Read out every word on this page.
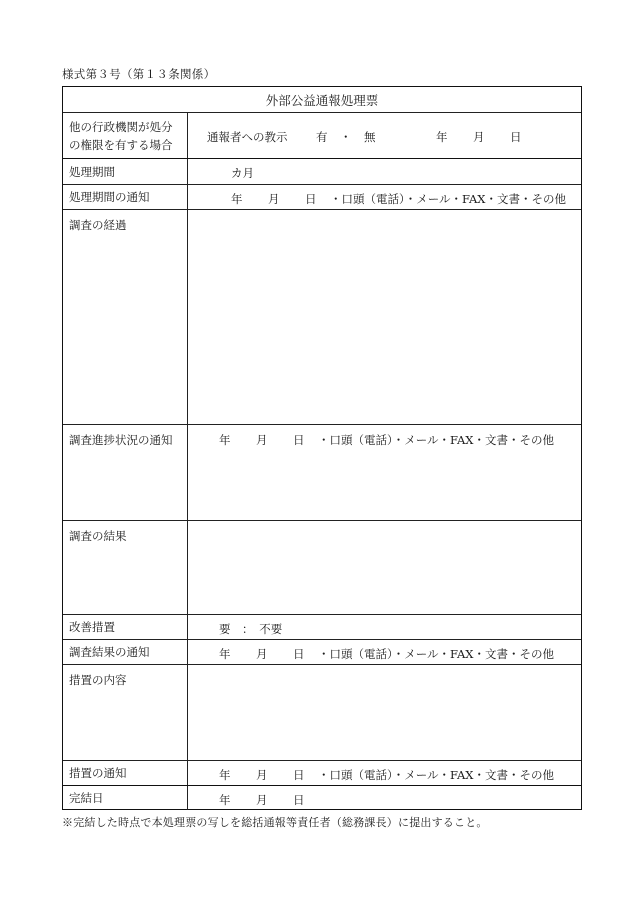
様式第３号（第１３条関係）
外部公益通報処理票
他の行政機関が処分
の権限を有する場合
通報者への教示 有 ・ 無	年 月 日
処理期間	カ月
処理期間の通知	年 月 日 ・口頭（電話）・メール・FAX・文書・その他
調査の経過
調査進捗状況の通知	年 月 日 ・口頭（電話）・メール・FAX・文書・その他
調査の結果
改善措置	要　：　不要
調査結果の通知	年 月 日 ・口頭（電話）・メール・FAX・文書・その他
措置の内容
措置の通知	年 月 日 ・口頭（電話）・メール・FAX・文書・その他
完結日	年 月 日
※完結した時点で本処理票の写しを総括通報等責任者（総務課長）に提出すること。
